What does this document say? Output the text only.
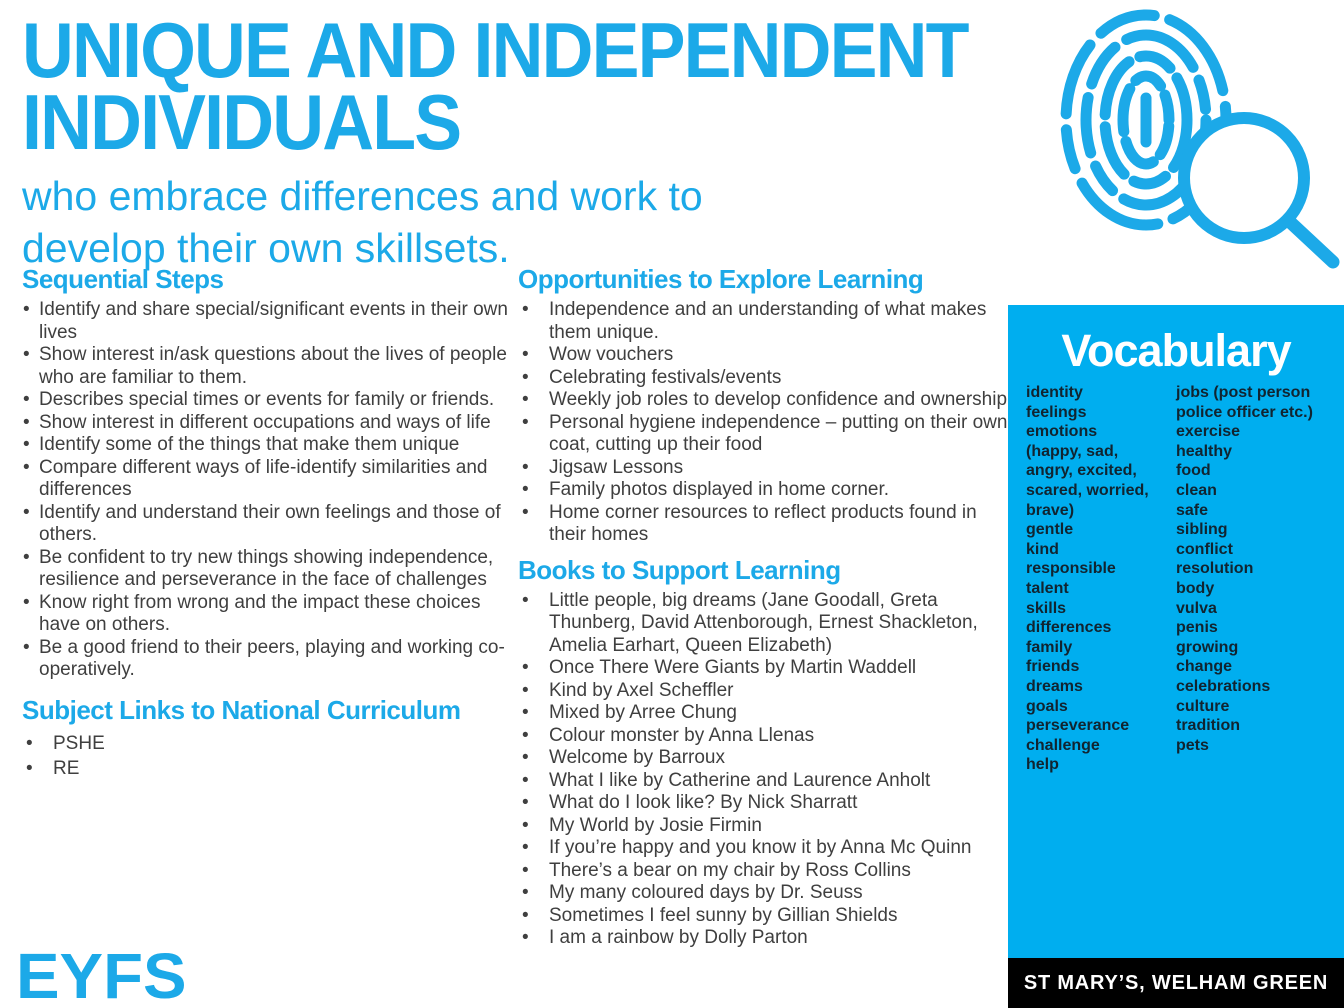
UNIQUE AND INDEPENDENT
INDIVIDUALS
who embrace differences and work to
develop their own skillsets.
Sequential Steps
• Identify and share special/significant events in their own lives
• Show interest in/ask questions about the lives of people who are familiar to them.
• Describes special times or events for family or friends.
• Show interest in different occupations and ways of life
• Identify some of the things that make them unique
• Compare different ways of life-identify similarities and differences
• Identify and understand their own feelings and those of others.
• Be confident to try new things showing independence, resilience and perseverance in the face of challenges
• Know right from wrong and the impact these choices have on others.
• Be a good friend to their peers, playing and working co-operatively.
Subject Links to National Curriculum
• PSHE
• RE
Opportunities to Explore Learning
• Independence and an understanding of what makes them unique.
• Wow vouchers
• Celebrating festivals/events
• Weekly job roles to develop confidence and ownership
• Personal hygiene independence – putting on their own coat, cutting up their food
• Jigsaw Lessons
• Family photos displayed in home corner.
• Home corner resources to reflect products found in their homes
Books to Support Learning
• Little people, big dreams (Jane Goodall, Greta Thunberg, David Attenborough, Ernest Shackleton, Amelia Earhart, Queen Elizabeth)
• Once There Were Giants by Martin Waddell
• Kind by Axel Scheffler
• Mixed by Arree Chung
• Colour monster by Anna Llenas
• Welcome by Barroux
• What I like by Catherine and Laurence Anholt
• What do I look like? By Nick Sharratt
• My World by Josie Firmin
• If you’re happy and you know it by Anna Mc Quinn
• There’s a bear on my chair by Ross Collins
• My many coloured days by Dr. Seuss
• Sometimes I feel sunny by Gillian Shields
• I am a rainbow by Dolly Parton
Vocabulary
identity
feelings
emotions
(happy, sad,
angry, excited,
scared, worried,
brave)
gentle
kind
responsible
talent
skills
differences
family
friends
dreams
goals
perseverance
challenge
help
jobs (post person
police officer etc.)
exercise
healthy
food
clean
safe
sibling
conflict
resolution
body
vulva
penis
growing
change
celebrations
culture
tradition
pets
ST MARY’S, WELHAM GREEN
EYFS
